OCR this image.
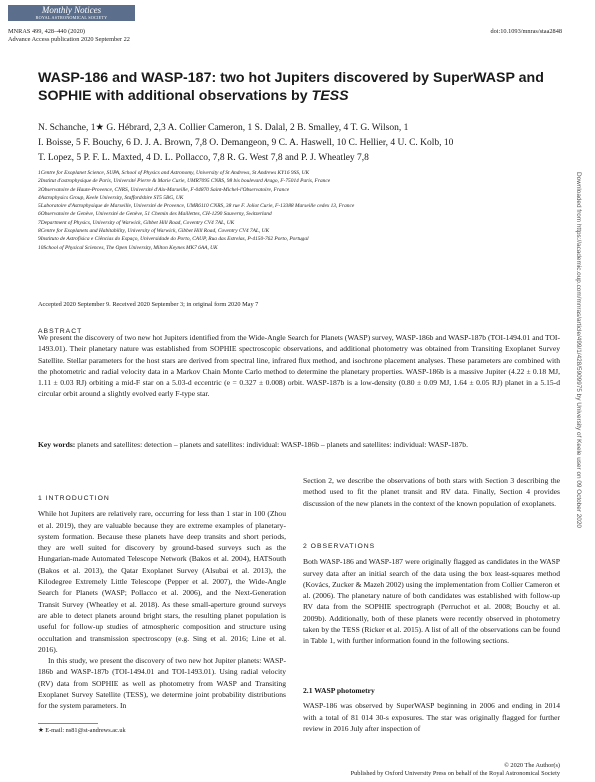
Monthly Notices
ROYAL ASTRONOMICAL SOCIETY
MNRAS 499, 428–440 (2020)
Advance Access publication 2020 September 22
doi:10.1093/mnras/staa2848
WASP-186 and WASP-187: two hot Jupiters discovered by SuperWASP and SOPHIE with additional observations by TESS
N. Schanche, 1★ G. Hébrard, 2,3 A. Collier Cameron, 1 S. Dalal, 2 B. Smalley, 4 T. G. Wilson, 1
I. Boisse, 5 F. Bouchy, 6 D. J. A. Brown, 7,8 O. Demangeon, 9 C. A. Haswell, 10 C. Hellier, 4 U. C. Kolb, 10
T. Lopez, 5 P. F. L. Maxted, 4 D. L. Pollacco, 7,8 R. G. West 7,8 and P. J. Wheatley 7,8
1Centre for Exoplanet Science, SUPA, School of Physics and Astronomy, University of St Andrews, St Andrews KY16 9SS, UK
2Institut d'astrophysique de Paris, Université Pierre & Marie Curie, UMR7095 CNRS, 98 bis boulevard Arago, F-75014 Paris, France
3Observatoire de Haute-Provence, CNRS, Université d'Aix-Marseille, F-04870 Saint-Michel-l'Observatoire, France
4Astrophysics Group, Keele University, Staffordshire ST5 5BG, UK
5Laboratoire d'Astrophysique de Marseille, Université de Provence, UMR6110 CNRS, 38 rue F. Joliot Curie, F-13388 Marseille cedex 13, France
6Observatoire de Genève, Université de Genève, 51 Chemin des Maillettes, CH-1290 Sauverny, Switzerland
7Department of Physics, University of Warwick, Gibbet Hill Road, Coventry CV4 7AL, UK
8Centre for Exoplanets and Habitability, University of Warwick, Gibbet Hill Road, Coventry CV4 7AL, UK
9Instituto de Astrofísica e Ciências do Espaço, Universidade do Porto, CAUP, Rua das Estrelas, P-4150-762 Porto, Portugal
10School of Physical Sciences, The Open University, Milton Keynes MK7 6AA, UK
Accepted 2020 September 9. Received 2020 September 3; in original form 2020 May 7
ABSTRACT
We present the discovery of two new hot Jupiters identified from the Wide-Angle Search for Planets (WASP) survey, WASP-186b and WASP-187b (TOI-1494.01 and TOI-1493.01). Their planetary nature was established from SOPHIE spectroscopic observations, and additional photometry was obtained from Transiting Exoplanet Survey Satellite. Stellar parameters for the host stars are derived from spectral line, infrared flux method, and isochrone placement analyses. These parameters are combined with the photometric and radial velocity data in a Markov Chain Monte Carlo method to determine the planetary properties. WASP-186b is a massive Jupiter (4.22 ± 0.18 MJ, 1.11 ± 0.03 RJ) orbiting a mid-F star on a 5.03-d eccentric (e = 0.327 ± 0.008) orbit. WASP-187b is a low-density (0.80 ± 0.09 MJ, 1.64 ± 0.05 RJ) planet in a 5.15-d circular orbit around a slightly evolved early F-type star.
Key words: planets and satellites: detection – planets and satellites: individual: WASP-186b – planets and satellites: individual: WASP-187b.
1 INTRODUCTION
While hot Jupiters are relatively rare, occurring for less than 1 star in 100 (Zhou et al. 2019), they are valuable because they are extreme examples of planetary-system formation. Because these planets have deep transits and short periods, they are well suited for discovery by ground-based surveys such as the Hungarian-made Automated Telescope Network (Bakos et al. 2004), HATSouth (Bakos et al. 2013), the Qatar Exoplanet Survey (Alsubai et al. 2013), the Kilodegree Extremely Little Telescope (Pepper et al. 2007), the Wide-Angle Search for Planets (WASP; Pollacco et al. 2006), and the Next-Generation Transit Survey (Wheatley et al. 2018). As these small-aperture ground surveys are able to detect planets around bright stars, the resulting planet population is useful for follow-up studies of atmospheric composition and structure using occultation and transmission spectroscopy (e.g. Sing et al. 2016; Line et al. 2016).
In this study, we present the discovery of two new hot Jupiter planets: WASP-186b and WASP-187b (TOI-1494.01 and TOI-1493.01). Using radial velocity (RV) data from SOPHIE as well as photometry from WASP and Transiting Exoplanet Survey Satellite (TESS), we determine joint probability distributions for the system parameters. In
Section 2, we describe the observations of both stars with Section 3 describing the method used to fit the planet transit and RV data. Finally, Section 4 provides discussion of the new planets in the context of the known population of exoplanets.
2 OBSERVATIONS
Both WASP-186 and WASP-187 were originally flagged as candidates in the WASP survey data after an initial search of the data using the box least-squares method (Kovács, Zucker & Mazeh 2002) using the implementation from Collier Cameron et al. (2006). The planetary nature of both candidates was established with follow-up RV data from the SOPHIE spectrograph (Perruchot et al. 2008; Bouchy et al. 2009b). Additionally, both of these planets were recently observed in photometry taken by the TESS (Ricker et al. 2015). A list of all of the observations can be found in Table 1, with further information found in the following sections.
2.1 WASP photometry
WASP-186 was observed by SuperWASP beginning in 2006 and ending in 2014 with a total of 81 014 30-s exposures. The star was originally flagged for further review in 2016 July after inspection of
★ E-mail: ns81@st-andrews.ac.uk
© 2020 The Author(s)
Published by Oxford University Press on behalf of the Royal Astronomical Society
Downloaded from https://academic.oup.com/mnras/article/499/1/428/5909975 by University of Keele user on 09 October 2020
